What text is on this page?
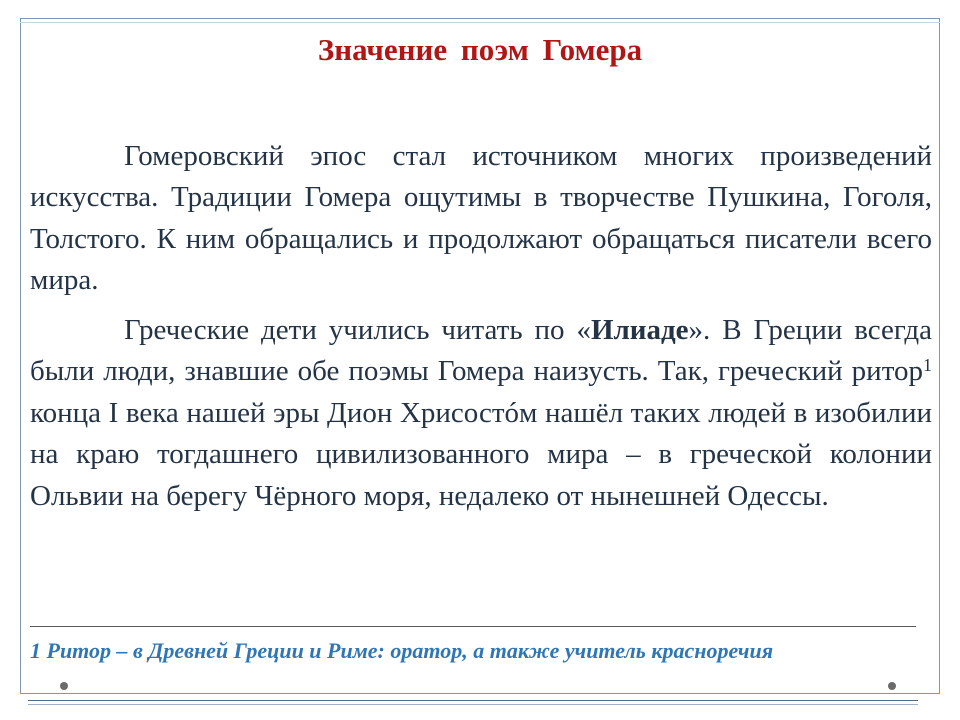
Значение поэм Гомера

Гомеровский эпос стал источником многих произведений искусства. Традиции Гомера ощутимы в творчестве Пушкина, Гоголя, Толстого. К ним обращались и продолжают обращаться писатели всего мира.

Греческие дети учились читать по «Илиаде». В Греции всегда были люди, знавшие обе поэмы Гомера наизусть. Так, греческий ритор$^1$ конца I века нашей эры Дион Хрисостóм нашёл таких людей в изобилии на краю тогдашнего цивилизованного мира – в греческой колонии Ольвии на берегу Чёрного моря, недалеко от нынешней Одессы.

1 Ритор – в Древней Греции и Риме: оратор, а также учитель красноречия
